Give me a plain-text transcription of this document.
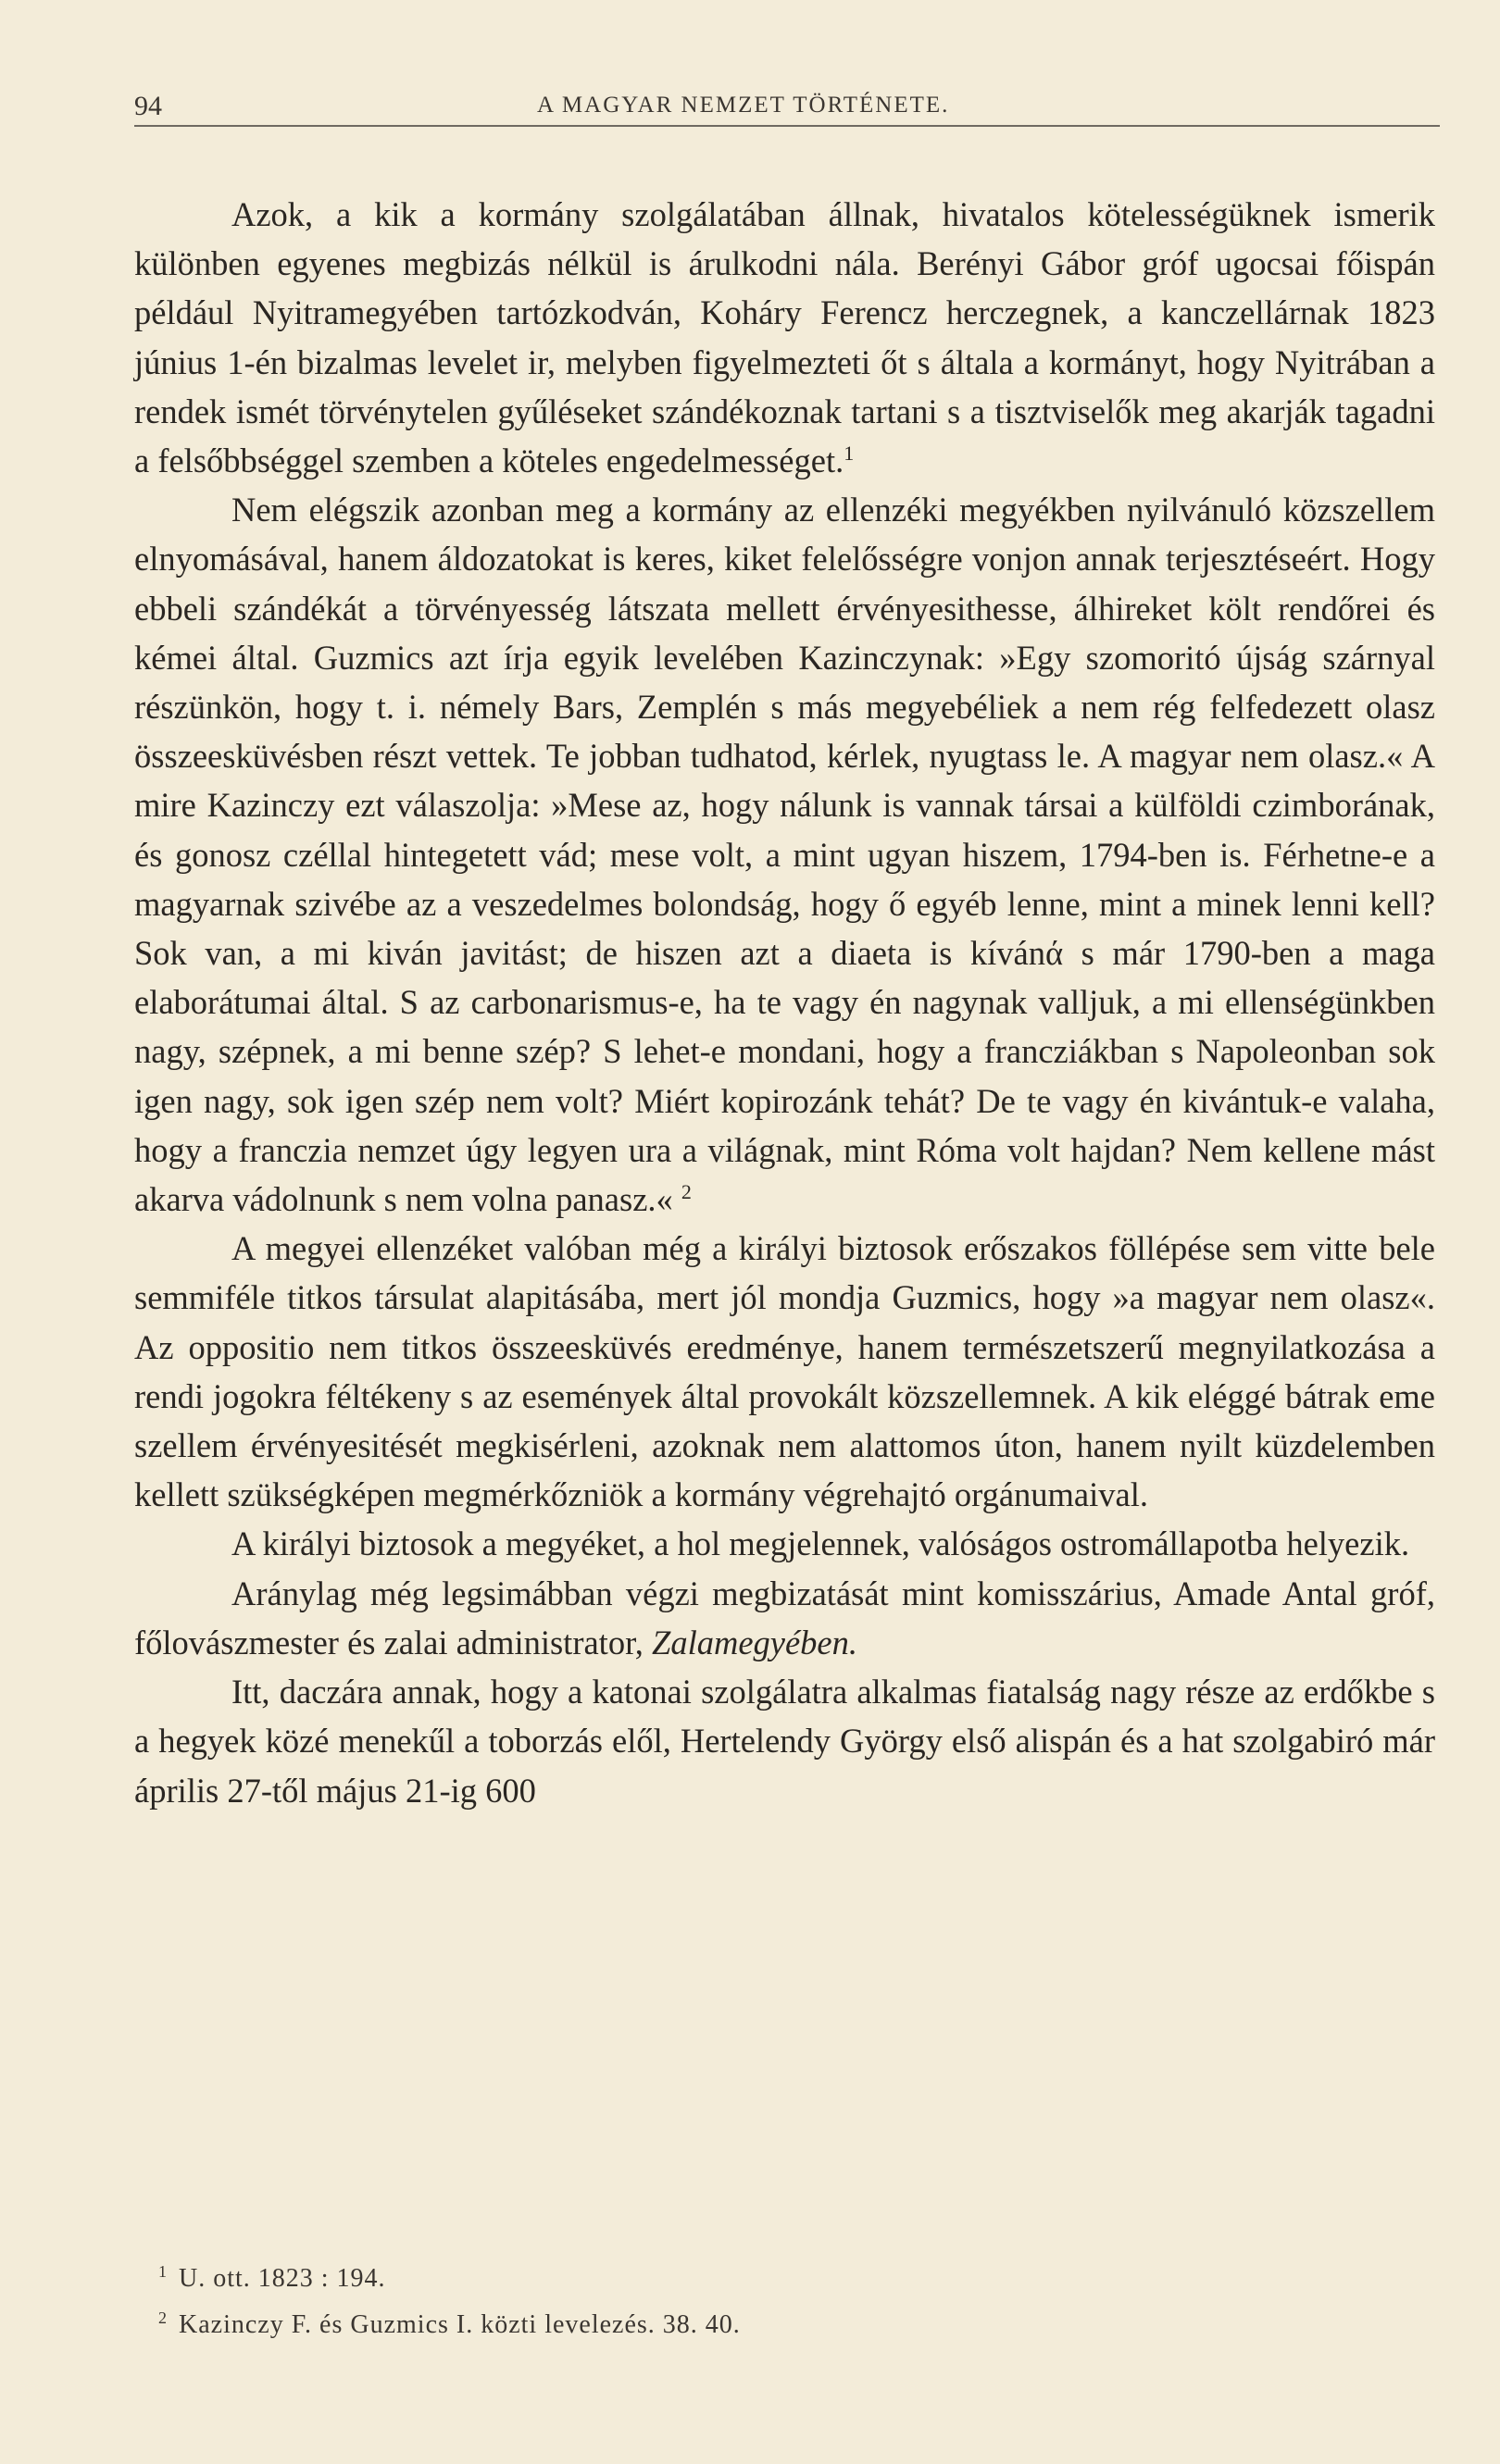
94	A MAGYAR NEMZET TÖRTÉNETE.

Azok, a kik a kormány szolgálatában állnak, hivatalos kötelességüknek ismerik különben egyenes megbizás nélkül is árulkodni nála. Berényi Gábor gróf ugocsai főispán például Nyitramegyében tartózkodván, Koháry Ferencz herczegnek, a kanczellárnak 1823 június 1-én bizalmas levelet ir, melyben figyelmezteti őt s általa a kormányt, hogy Nyitrában a rendek ismét törvénytelen gyűléseket szándékoznak tartani s a tisztviselők meg akarják tagadni a felsőbbséggel szemben a köteles engedelmességet.$^1$

Nem elégszik azonban meg a kormány az ellenzéki megyékben nyilvánuló közszellem elnyomásával, hanem áldozatokat is keres, kiket felelősségre vonjon annak terjesztéseért. Hogy ebbeli szándékát a törvényesség látszata mellett érvényesithesse, álhireket költ rendőrei és kémei által. Guzmics azt írja egyik levelében Kazinczynak: »Egy szomoritó újság szárnyal részünkön, hogy t. i. némely Bars, Zemplén s más megyebéliek a nem rég felfedezett olasz összeesküvésben részt vettek. Te jobban tudhatod, kérlek, nyugtass le. A magyar nem olasz.« A mire Kazinczy ezt válaszolja: »Mese az, hogy nálunk is vannak társai a külföldi czimborának, és gonosz czéllal hintegetett vád; mese volt, a mint ugyan hiszem, 1794-ben is. Férhetne-e a magyarnak szivébe az a veszedelmes bolondság, hogy ő egyéb lenne, mint a minek lenni kell? Sok van, a mi kiván javitást; de hiszen azt a diaeta is kívánά s már 1790-ben a maga elaborátumai által. S az carbonarismus-e, ha te vagy én nagynak valljuk, a mi ellenségünkben nagy, szépnek, a mi benne szép? S lehet-e mondani, hogy a francziákban s Napoleonban sok igen nagy, sok igen szép nem volt? Miért kopirozánk tehát? De te vagy én kivántuk-e valaha, hogy a franczia nemzet úgy legyen ura a világnak, mint Róma volt hajdan? Nem kellene mást akarva vádolnunk s nem volna panasz.« $^2$

A megyei ellenzéket valóban még a királyi biztosok erőszakos föllépése sem vitte bele semmiféle titkos társulat alapitásába, mert jól mondja Guzmics, hogy »a magyar nem olasz«. Az oppositio nem titkos összeesküvés eredménye, hanem természetszerű megnyilatkozása a rendi jogokra féltékeny s az események által provokált közszellemnek. A kik eléggé bátrak eme szellem érvényesitését megkisérleni, azoknak nem alattomos úton, hanem nyilt küzdelemben kellett szükségképen megmérkőzniök a kormány végrehajtó orgánumaival.

A királyi biztosok a megyéket, a hol megjelennek, valóságos ostromállapotba helyezik.

Aránylag még legsimábban végzi megbizatását mint komisszárius, Amade Antal gróf, főlovászmester és zalai administrator, Zalamegyében.

Itt, daczára annak, hogy a katonai szolgálatra alkalmas fiatalság nagy része az erdőkbe s a hegyek közé menekűl a toborzás elől, Hertelendy György első alispán és a hat szolgabiró már április 27-től május 21-ig 600

$^1$ U. ott. 1823 : 194.
$^2$ Kazinczy F. és Guzmics I. közti levelezés. 38. 40.
